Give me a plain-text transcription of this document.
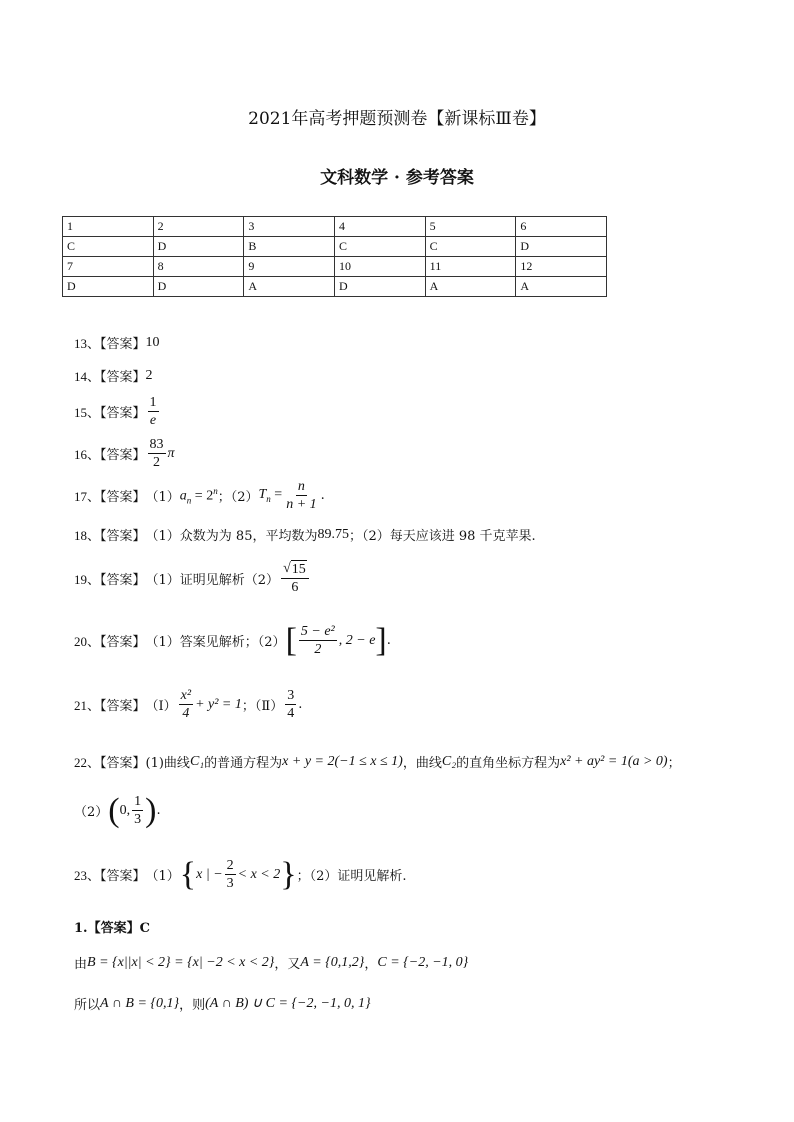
2021年高考押题预测卷【新课标Ⅲ卷】
文科数学 · 参考答案
1	2	3	4	5	6
C	D	B	C	C	D
7	8	9	10	11	12
D	D	A	D	A	A
13、【答案】 10
14、【答案】 2
15、【答案】 $\frac{1}{e}$
16、【答案】 $\frac{83}{2}$ π
17、【答案】 （1） $a_n = 2^n$ ；（2） $T_n = \frac{n}{n + 1}$ .
18、【答案】 （1）众数为为 85，平均数为 89.75 ；（2）每天应该进 98 千克苹果.
19、【答案】 （1）证明见解析$(2) \frac{√ 15}{6}$
20、【答案】 （1）答案见解析；（2） [ $\frac{\text{5 − e²}}{2}$ , 2 − e ] .
21、【答案】 （Ⅰ） $\frac{\text{x²}}{4} + y^2 = 1$ ；（Ⅱ） $\frac{3}{4}$ .
22、【答案】 (1)曲线 C₁ 的普通方程为 x + y = 2(−1 ≤ x ≤ 1) ，曲线 C₂ 的直角坐标方程为 x² + ay² = 1(a > 0) ；
（2） ( 0, $\frac{1}{3}$ ) .
23、【答案】 （1） { x | − $\frac{2}{3} < x < 2$ } ；（2）证明见解析.
1.【答案】C
由 B = {x||x| < 2} = {x| −2 < x < 2} ，又 A = {0,1,2} ， C = {−2, −1, 0}
所以 A ∩ B = {0,1} ，则 (A ∩ B) ∪ C = {−2, −1, 0, 1}
